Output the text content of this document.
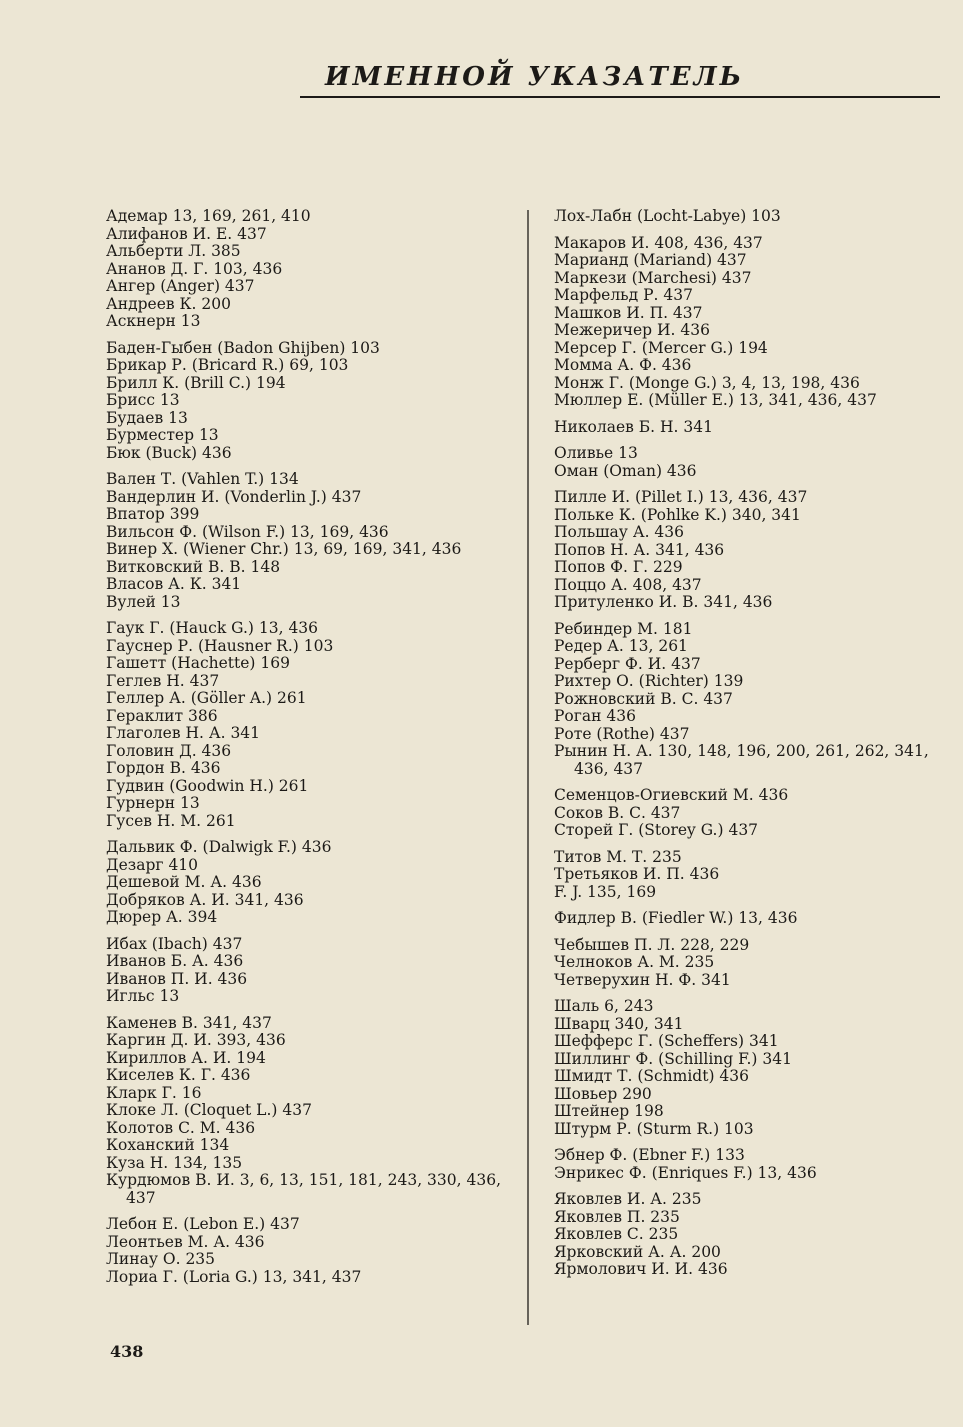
ИМЕННОЙ УКАЗАТЕЛЬ
Адемар 13, 169, 261, 410
Алифанов И. Е. 437
Альберти Л. 385
Ананов Д. Г. 103, 436
Ангер (Anger) 437
Андреев К. 200
Аскнерн 13
Баден-Гыбен (Badon Ghijben) 103
Брикар Р. (Bricard R.) 69, 103
Брилл К. (Brill C.) 194
Брисс 13
Будаев 13
Бурместер 13
Бюк (Buck) 436
Вален Т. (Vahlen T.) 134
Вандерлин И. (Vonderlin J.) 437
Впатор 399
Вильсон Ф. (Wilson F.) 13, 169, 436
Винер Х. (Wiener Chr.) 13, 69, 169, 341, 436
Витковский В. В. 148
Власов А. К. 341
Вулей 13
Гаук Г. (Hauck G.) 13, 436
Гауснер Р. (Hausner R.) 103
Гашетт (Hachette) 169
Геглев Н. 437
Геллер А. (Göller A.) 261
Гераклит 386
Глаголев Н. А. 341
Головин Д. 436
Гордон В. 436
Гудвин (Goodwin H.) 261
Гурнерн 13
Гусев Н. М. 261
Дальвик Ф. (Dalwigk F.) 436
Дезарг 410
Дешевой М. А. 436
Добряков А. И. 341, 436
Дюрер А. 394
Ибах (Ibach) 437
Иванов Б. А. 436
Иванов П. И. 436
Игльс 13
Каменев В. 341, 437
Каргин Д. И. 393, 436
Кириллов А. И. 194
Киселев К. Г. 436
Кларк Г. 16
Клоке Л. (Cloquet L.) 437
Колотов С. М. 436
Коханский 134
Куза Н. 134, 135
Курдюмов В. И. 3, 6, 13, 151, 181, 243, 330, 436, 437
Лебон Е. (Lebon E.) 437
Леонтьев М. А. 436
Линау О. 235
Лориа Г. (Loria G.) 13, 341, 437
Лох-Лабн (Locht-Labye) 103
Макаров И. 408, 436, 437
Марианд (Mariand) 437
Маркези (Marchesi) 437
Марфельд Р. 437
Машков И. П. 437
Межеричер И. 436
Мерсер Г. (Mercer G.) 194
Момма А. Ф. 436
Монж Г. (Monge G.) 3, 4, 13, 198, 436
Мюллер Е. (Müller E.) 13, 341, 436, 437
Николаев Б. Н. 341
Оливье 13
Оман (Oman) 436
Пилле И. (Pillet I.) 13, 436, 437
Польке К. (Pohlke K.) 340, 341
Польшау А. 436
Попов Н. А. 341, 436
Попов Ф. Г. 229
Поццо А. 408, 437
Притуленко И. В. 341, 436
Ребиндер М. 181
Редер А. 13, 261
Рерберг Ф. И. 437
Рихтер О. (Richter) 139
Рожновский В. С. 437
Роган 436
Роте (Rothe) 437
Рынин Н. А. 130, 148, 196, 200, 261, 262, 341, 436, 437
Семенцов-Огиевский М. 436
Соков В. С. 437
Сторей Г. (Storey G.) 437
Титов М. Т. 235
Третьяков И. П. 436
F. J. 135, 169
Фидлер В. (Fiedler W.) 13, 436
Чебышев П. Л. 228, 229
Челноков А. М. 235
Четверухин Н. Ф. 341
Шаль 6, 243
Шварц 340, 341
Шефферс Г. (Scheffers) 341
Шиллинг Ф. (Schilling F.) 341
Шмидт Т. (Schmidt) 436
Шовьер 290
Штейнер 198
Штурм Р. (Sturm R.) 103
Эбнер Ф. (Ebner F.) 133
Энрикес Ф. (Enriques F.) 13, 436
Яковлев И. А. 235
Яковлев П. 235
Яковлев С. 235
Ярковский А. А. 200
Ярмолович И. И. 436
438
